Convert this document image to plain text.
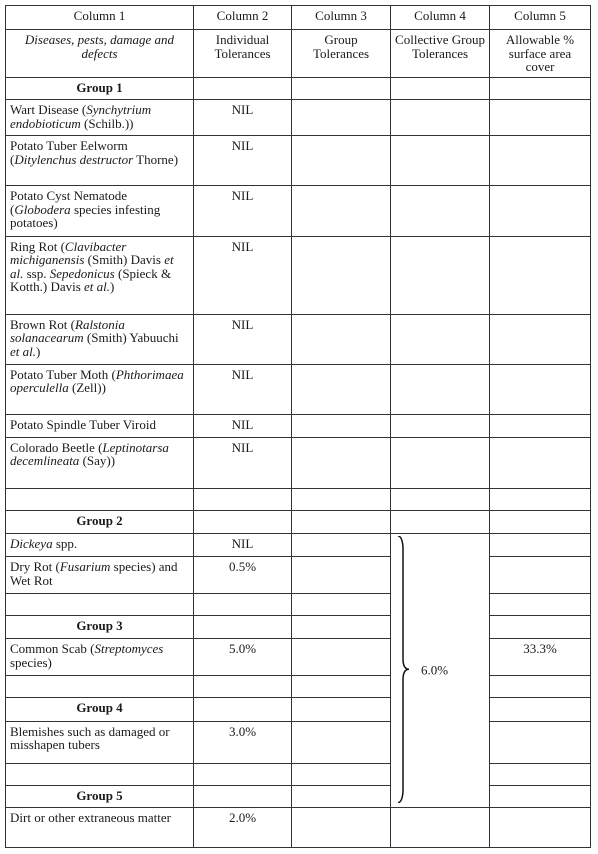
Column 1	Column 2	Column 3	Column 4	Column 5	
Diseases, pests, damage and defects	Individual Tolerances	Group Tolerances	Collective Group Tolerances	Allowable % surface area cover	
Group 1					
Wart Disease (Synchytrium endobioticum (Schilb.))	NIL				
Potato Tuber Eelworm (Ditylenchus destructor Thorne)	NIL				
Potato Cyst Nematode (Globodera species infesting potatoes)	NIL				
Ring Rot (Clavibacter michiganensis (Smith) Davis et al. ssp. Sepedonicus (Spieck & Kotth.) Davis et al.)	NIL				
Brown Rot (Ralstonia solanacearum (Smith) Yabuuchi et al.)	NIL				
Potato Tuber Moth (Phthorimaea operculella (Zell))	NIL				
Potato Spindle Tuber Viroid	NIL				
Colorado Beetle (Leptinotarsa decemlineata (Say))	NIL				

Group 2					
Dickeya spp.	NIL		6.0%		

Dry Rot (Fusarium species) and Wet Rot	0.5%				

Group 3					
Common Scab (Streptomyces species)	5.0%			33.3%	

Group 4					
Blemishes such as damaged or misshapen tubers	3.0%				

Group 5					
Dirt or other extraneous matter	2.0%				
